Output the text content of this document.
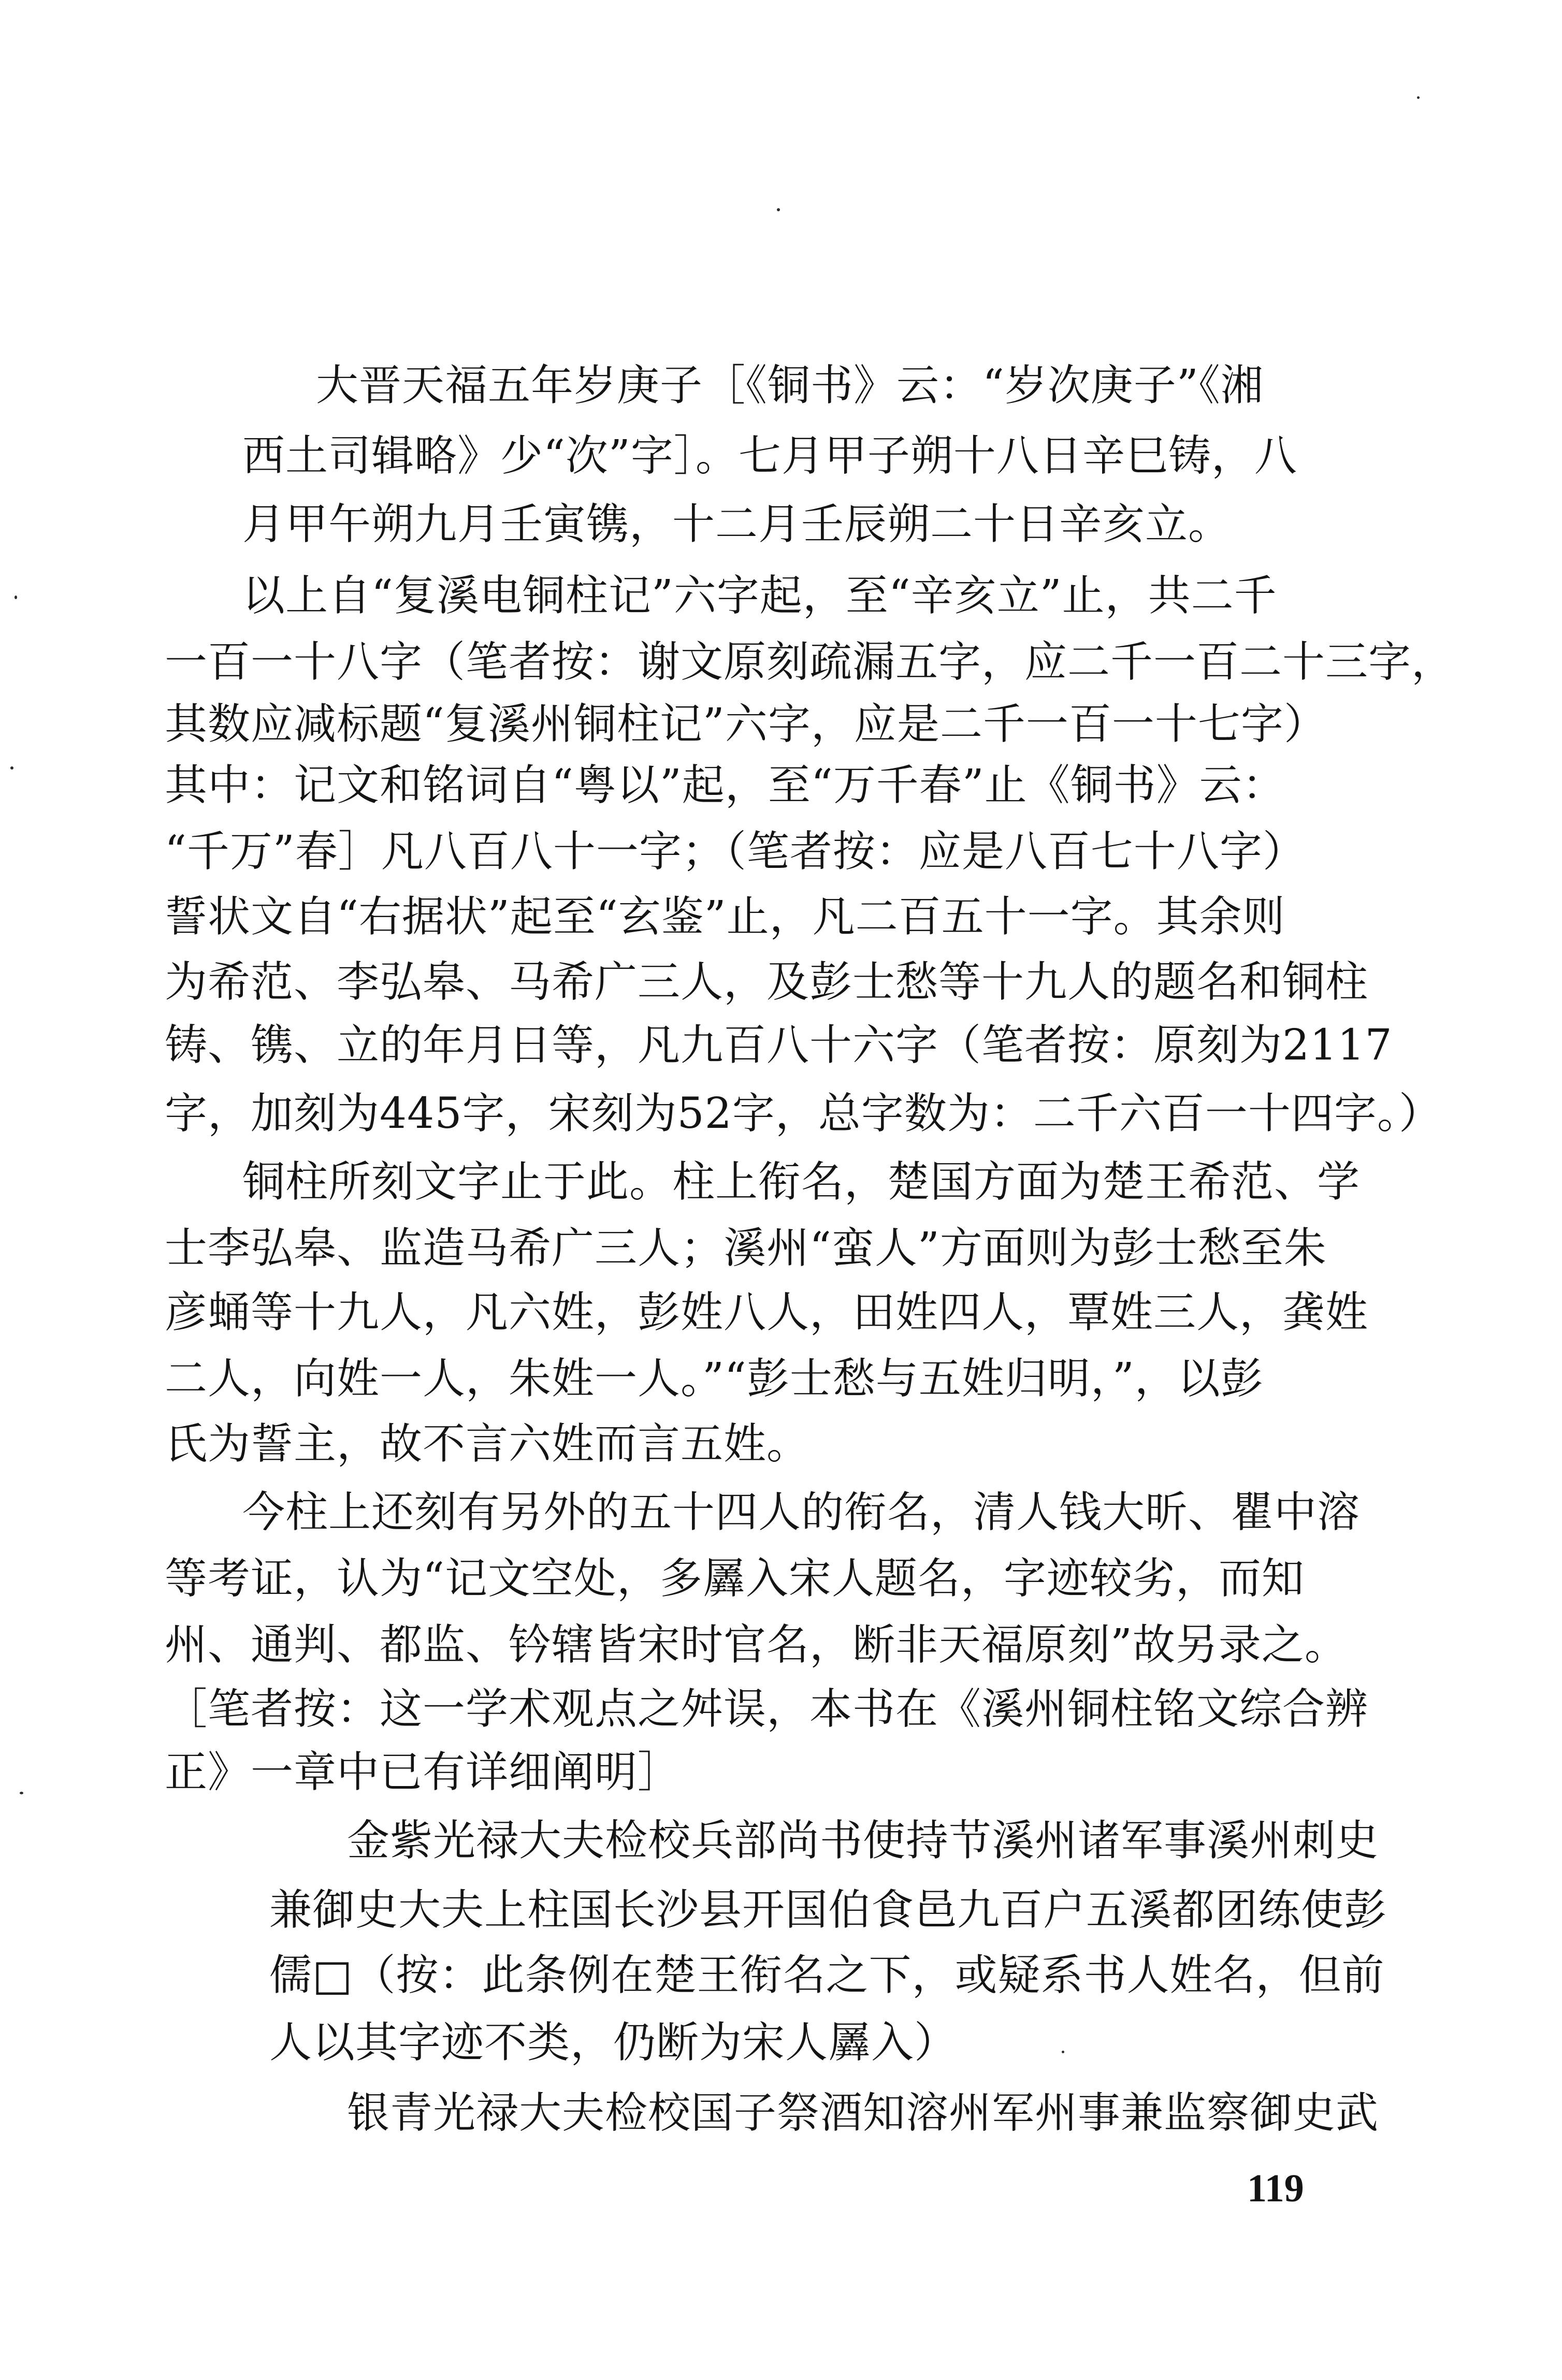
大晋天福五年岁庚子［《铜书》云：“岁次庚子”《湘
西土司辑略》少“次”字］。七月甲子朔十八日辛巳铸，八
月甲午朔九月壬寅镌，十二月壬辰朔二十日辛亥立。
以上自“复溪电铜柱记”六字起，至“辛亥立”止，共二千
一百一十八字（笔者按：谢文原刻疏漏五字，应二千一百二十三字，
其数应减标题“复溪州铜柱记”六字，应是二千一百一十七字）
其中：记文和铭词自“粤以”起，至“万千春”止《铜书》云：
“千万”春］凡八百八十一字；（笔者按：应是八百七十八字）
誓状文自“右据状”起至“玄鉴”止，凡二百五十一字。其余则
为希范、李弘皋、马希广三人，及彭士愁等十九人的题名和铜柱
铸、镌、立的年月日等，凡九百八十六字（笔者按：原刻为2117
字，加刻为445字，宋刻为52字，总字数为：二千六百一十四字。）
铜柱所刻文字止于此。柱上衔名，楚国方面为楚王希范、学
士李弘皋、监造马希广三人；溪州“蛮人”方面则为彭士愁至朱
彦蛹等十九人，凡六姓，彭姓八人，田姓四人，覃姓三人，龚姓
二人，向姓一人，朱姓一人。”“彭士愁与五姓归明，”，以彭
氏为誓主，故不言六姓而言五姓。
今柱上还刻有另外的五十四人的衔名，清人钱大昕、瞿中溶
等考证，认为“记文空处，多羼入宋人题名，字迹较劣，而知
州、通判、都监、钤辖皆宋时官名，断非天福原刻”故另录之。
［笔者按：这一学术观点之舛误，本书在《溪州铜柱铭文综合辨
正》一章中已有详细阐明］
金紫光禄大夫检校兵部尚书使持节溪州诸军事溪州刺史
兼御史大夫上柱国长沙县开国伯食邑九百户五溪都团练使彭
儒□（按：此条例在楚王衔名之下，或疑系书人姓名，但前
人以其字迹不类，仍断为宋人羼入）
银青光禄大夫检校国子祭酒知溶州军州事兼监察御史武
119
